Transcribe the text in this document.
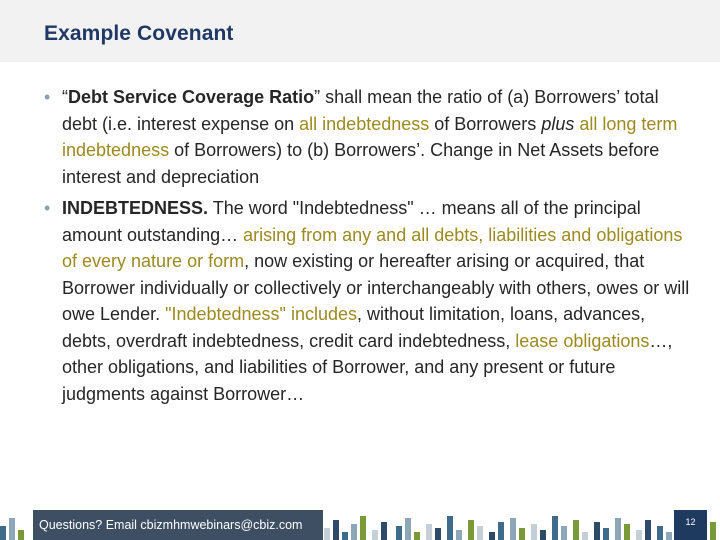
Example Covenant
• “Debt Service Coverage Ratio” shall mean the ratio of (a) Borrowers’ total debt (i.e. interest expense on all indebtedness of Borrowers plus all long term indebtedness of Borrowers) to (b) Borrowers’. Change in Net Assets before interest and depreciation
• INDEBTEDNESS. The word "Indebtedness" … means all of the principal amount outstanding… arising from any and all debts, liabilities and obligations of every nature or form, now existing or hereafter arising or acquired, that Borrower individually or collectively or interchangeably with others, owes or will owe Lender. "Indebtedness" includes, without limitation, loans, advances, debts, overdraft indebtedness, credit card indebtedness, lease obligations…, other obligations, and liabilities of Borrower, and any present or future judgments against Borrower…
Questions? Email cbizmhmwebinars@cbiz.com	12
